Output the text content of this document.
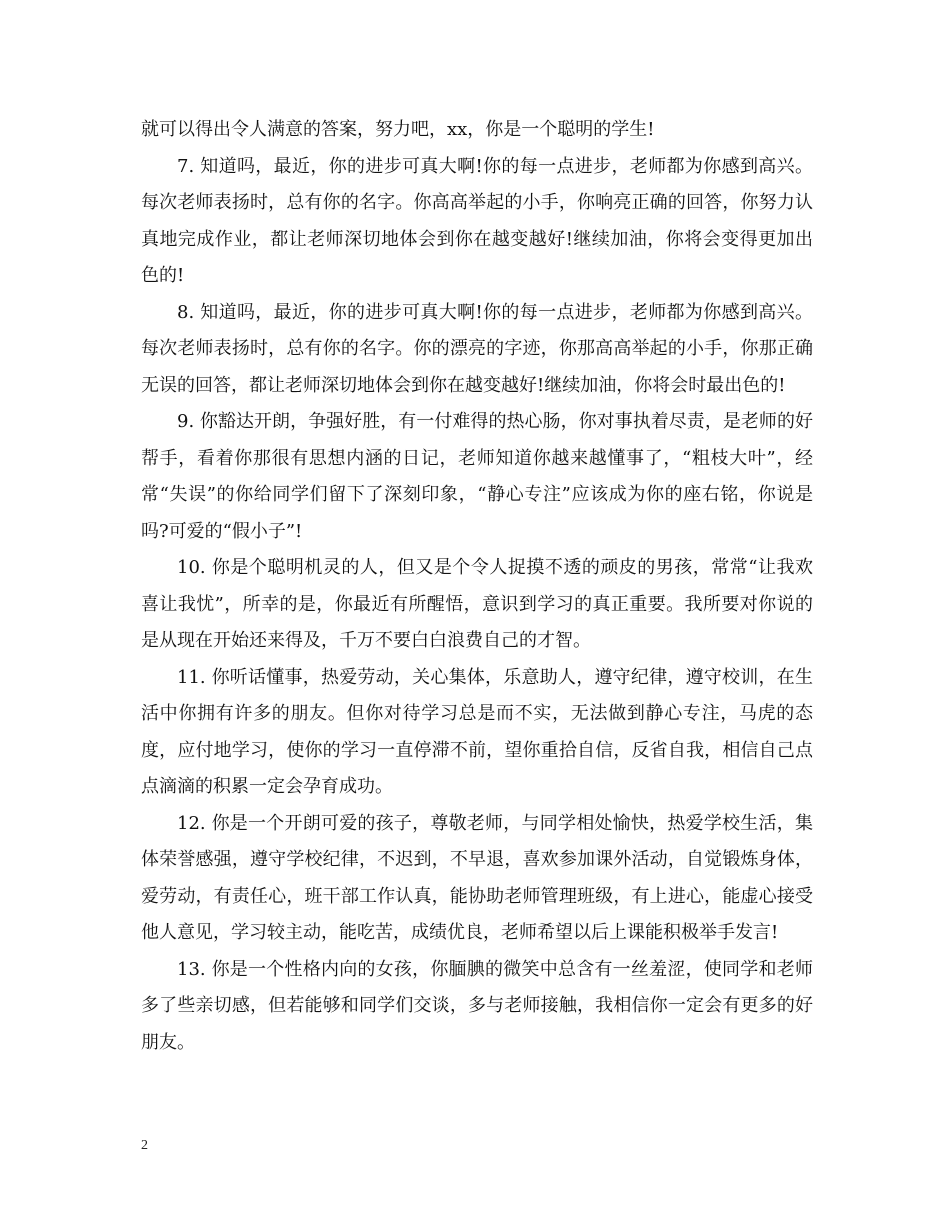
就可以得出令人满意的答案，努力吧，xx，你是一个聪明的学生!

7. 知道吗，最近，你的进步可真大啊!你的每一点进步，老师都为你感到高兴。每次老师表扬时，总有你的名字。你高高举起的小手，你响亮正确的回答，你努力认真地完成作业，都让老师深切地体会到你在越变越好!继续加油，你将会变得更加出色的!

8. 知道吗，最近，你的进步可真大啊!你的每一点进步，老师都为你感到高兴。每次老师表扬时，总有你的名字。你的漂亮的字迹，你那高高举起的小手，你那正确无误的回答，都让老师深切地体会到你在越变越好!继续加油，你将会时最出色的!

9. 你豁达开朗，争强好胜，有一付难得的热心肠，你对事执着尽责，是老师的好帮手，看着你那很有思想内涵的日记，老师知道你越来越懂事了，“粗枝大叶”，经常“失误”的你给同学们留下了深刻印象，“静心专注”应该成为你的座右铭，你说是吗?可爱的“假小子”!

10. 你是个聪明机灵的人，但又是个令人捉摸不透的顽皮的男孩，常常“让我欢喜让我忧”，所幸的是，你最近有所醒悟，意识到学习的真正重要。我所要对你说的是从现在开始还来得及，千万不要白白浪费自己的才智。

11. 你听话懂事，热爱劳动，关心集体，乐意助人，遵守纪律，遵守校训，在生活中你拥有许多的朋友。但你对待学习总是而不实，无法做到静心专注，马虎的态度，应付地学习，使你的学习一直停滞不前，望你重拾自信，反省自我，相信自己点点滴滴的积累一定会孕育成功。

12. 你是一个开朗可爱的孩子，尊敬老师，与同学相处愉快，热爱学校生活，集体荣誉感强，遵守学校纪律，不迟到，不早退，喜欢参加课外活动，自觉锻炼身体，爱劳动，有责任心，班干部工作认真，能协助老师管理班级，有上进心，能虚心接受他人意见，学习较主动，能吃苦，成绩优良，老师希望以后上课能积极举手发言!

13. 你是一个性格内向的女孩，你腼腆的微笑中总含有一丝羞涩，使同学和老师多了些亲切感，但若能够和同学们交谈，多与老师接触，我相信你一定会有更多的好朋友。

2
